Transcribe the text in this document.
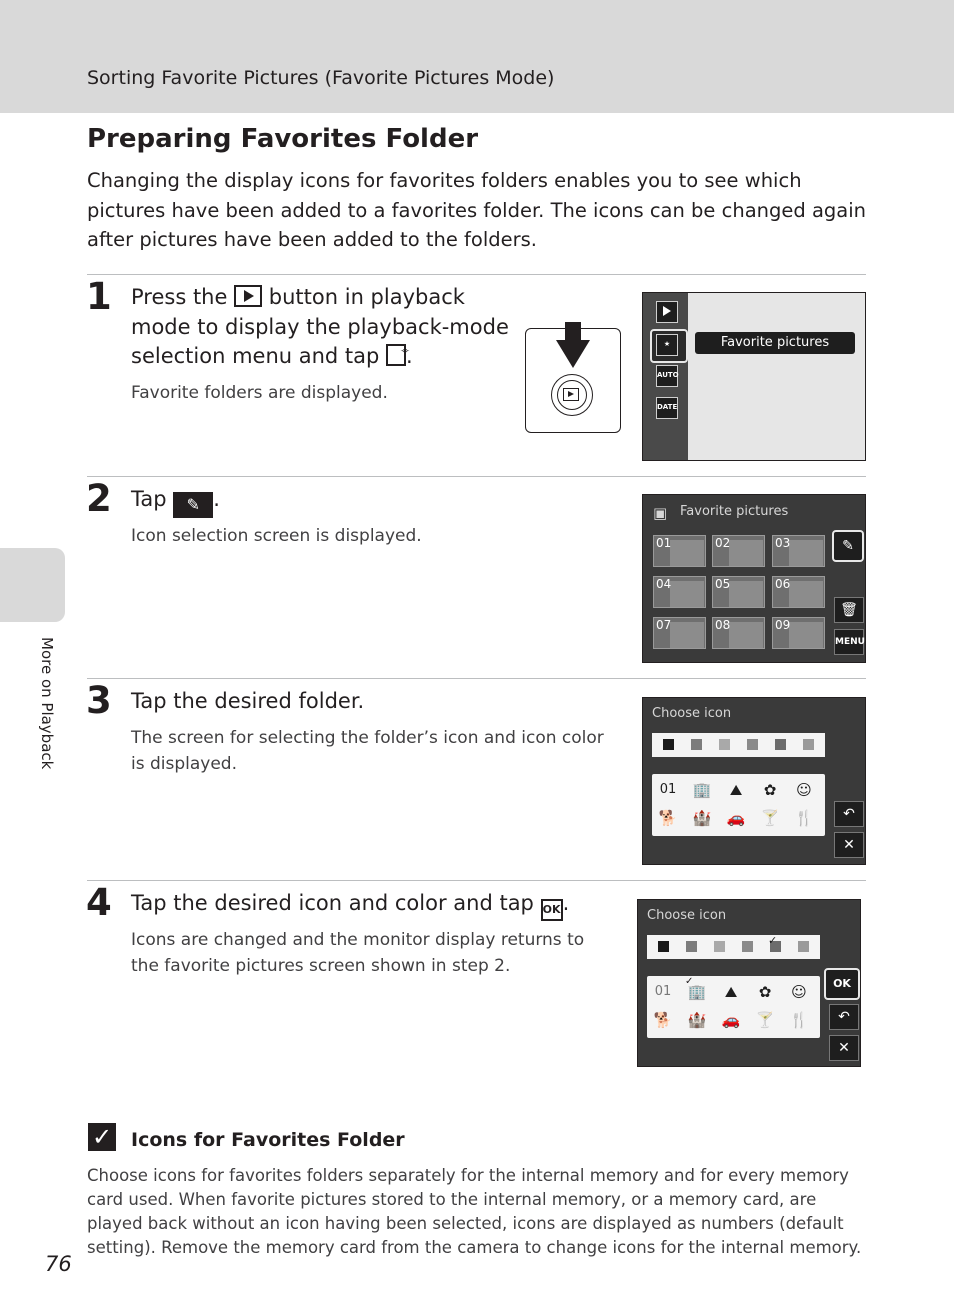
Sorting Favorite Pictures (Favorite Pictures Mode)
More on Playback
Preparing Favorites Folder
Changing the display icons for favorites folders enables you to see which pictures have been added to a favorites folder. The icons can be changed again after pictures have been added to the folders.
1 Press the button in playback mode to display the playback-mode selection menu and tap ✧ .
Favorite folders are displayed.
★
AUTO
DATE
Favorite pictures
2 Tap ✎ .
Icon selection screen is displayed.
▣ Favorite pictures
01	02	03
04	05	06
07	08	09
✎
🗑
MENU
3 Tap the desired folder.
The screen for selecting the folder’s icon and icon color is displayed.
Choose icon
01 🏢	⛰	✿	☺
🐕 🏰 🚗 🍸 🍴	↶
✕
4 Tap the desired icon and color and tap OK.
Icons are changed and the monitor display returns to the favorite pictures screen shown in step 2.
Choose icon
✓
01 🏢
✓
⛰	✿	☺
🐕 🏰 🚗 🍸 🍴
OK
↶
✕
✓ Icons for Favorites Folder
Choose icons for favorites folders separately for the internal memory and for every memory card used. When favorite pictures stored to the internal memory, or a memory card, are played back without an icon having been selected, icons are displayed as numbers (default setting). Remove the memory card from the camera to change icons for the internal memory.
76
